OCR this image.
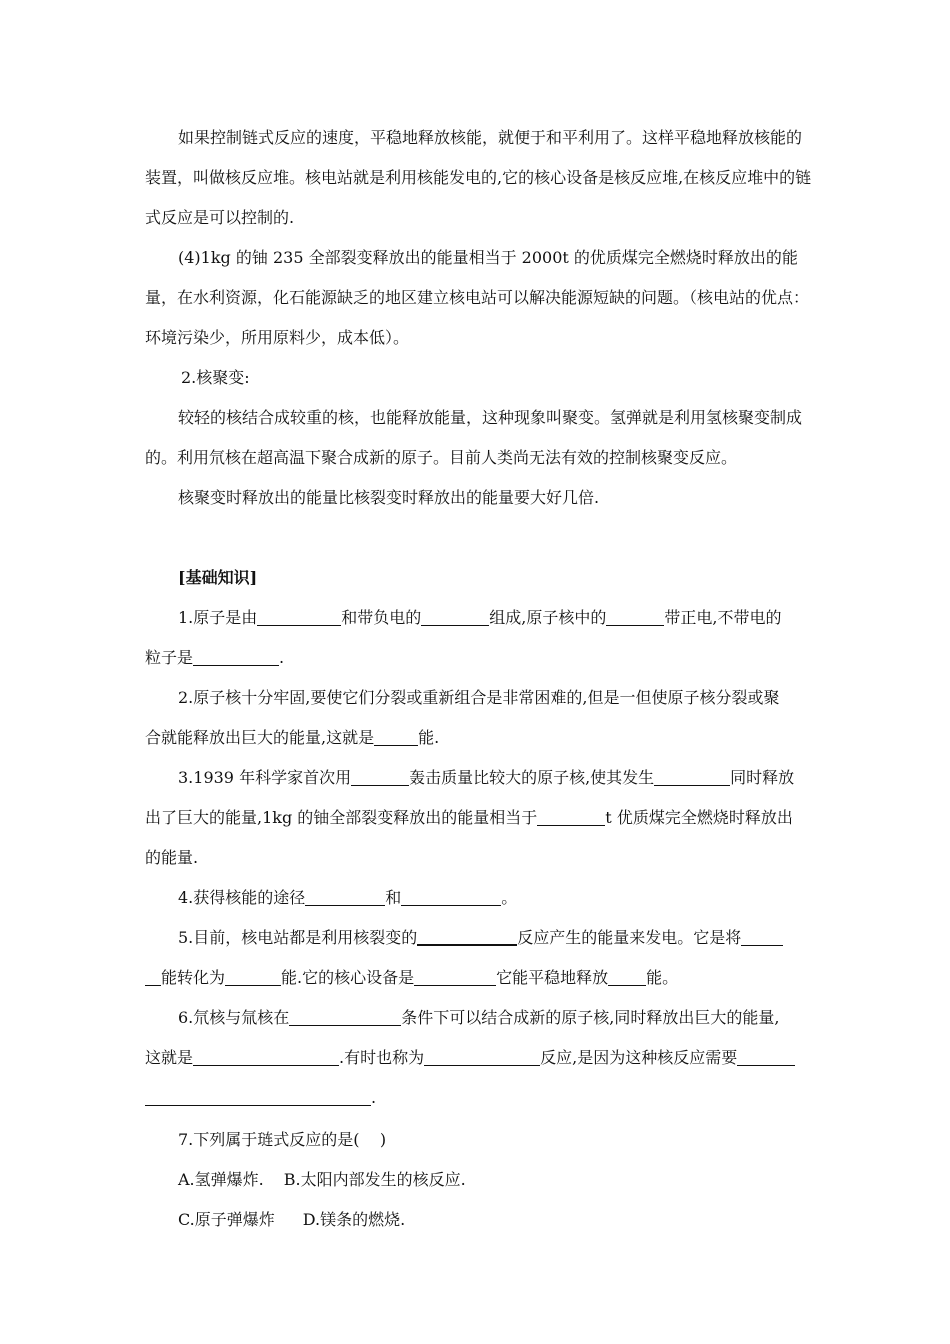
如果控制链式反应的速度，平稳地释放核能，就便于和平利用了。这样平稳地释放核能的装置，叫做核反应堆。核电站就是利用核能发电的,它的核心设备是核反应堆,在核反应堆中的链式反应是可以控制的.

(4)1kg 的铀 235 全部裂变释放出的能量相当于 2000t 的优质煤完全燃烧时释放出的能量，在水利资源，化石能源缺乏的地区建立核电站可以解决能源短缺的问题。（核电站的优点：环境污染少，所用原料少，成本低）。

2.核聚变:

较轻的核结合成较重的核，也能释放能量，这种现象叫聚变。氢弹就是利用氢核聚变制成的。利用氘核在超高温下聚合成新的原子。目前人类尚无法有效的控制核聚变反应。

核聚变时释放出的能量比核裂变时释放出的能量要大好几倍.

[基础知识]

1.原子是由	和带负电的	组成,原子核中的	带正电,不带电的

粒子是	.

2.原子核十分牢固,要使它们分裂或重新组合是非常困难的,但是一但使原子核分裂或聚

合就能释放出巨大的能量,这就是	能.

3.1939 年科学家首次用	轰击质量比较大的原子核,使其发生	同时释放

出了巨大的能量,1kg 的铀全部裂变释放出的能量相当于	t 优质煤完全燃烧时释放出

的能量.

4.获得核能的途径	和	。

5.目前，核电站都是利用核裂变的	反应产生的能量来发电。它是将

能转化为	能.它的核心设备是	它能平稳地释放 能。

6.氘核与氚核在	条件下可以结合成新的原子核,同时释放出巨大的能量,

这就是	.有时也称为	反应,是因为这种核反应需要

.

7.下列属于琏式反应的是(    )

A.氢弹爆炸. B.太阳内部发生的核反应.

C.原子弹爆炸 D.镁条的燃烧.
